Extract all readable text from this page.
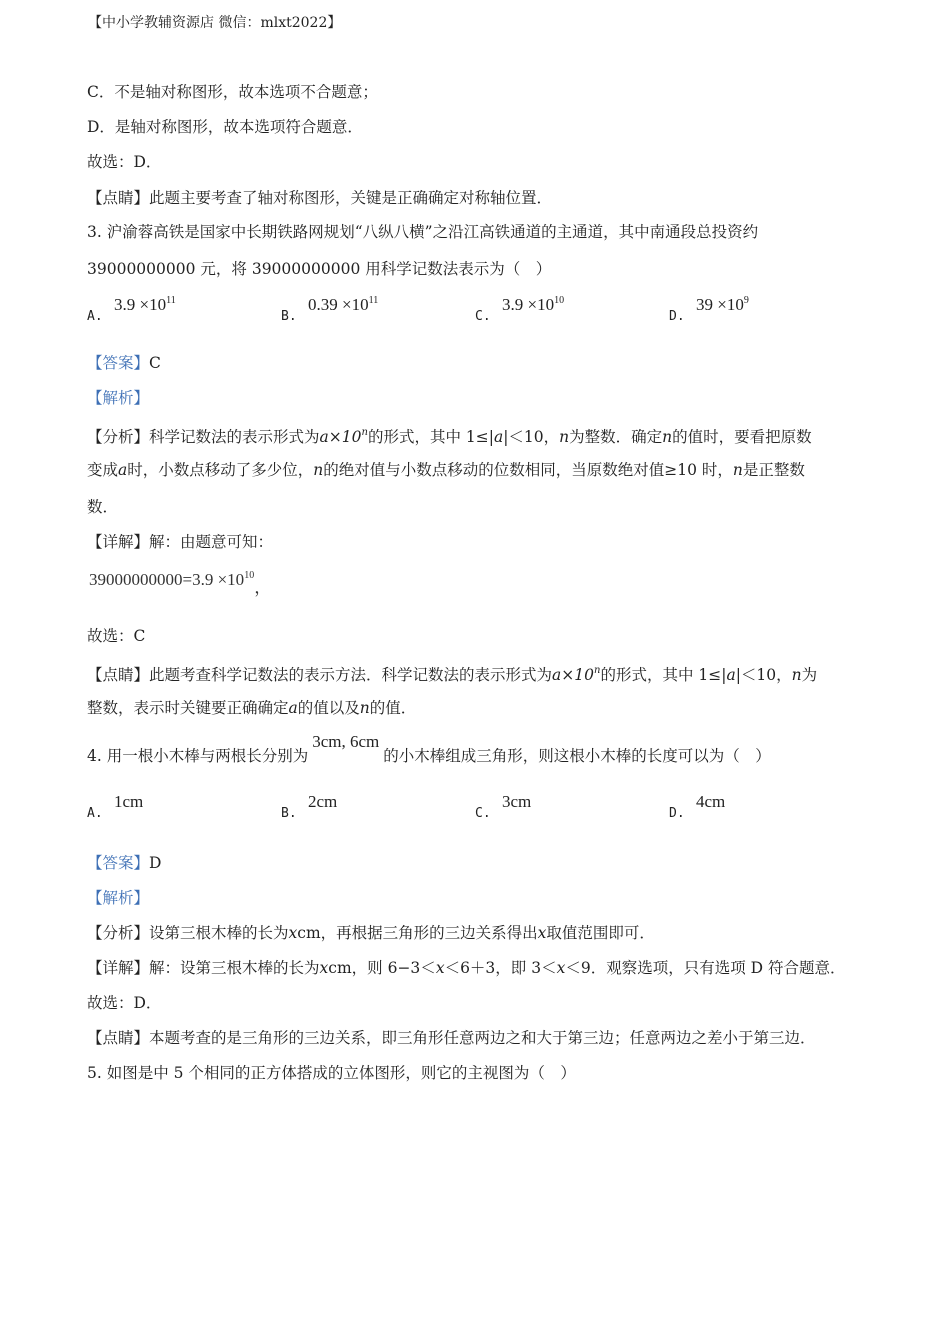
【中小学教辅资源店 微信：mlxt2022】
C．不是轴对称图形，故本选项不合题意；
D．是轴对称图形，故本选项符合题意．
故选：D．
【点睛】此题主要考查了轴对称图形，关键是正确确定对称轴位置．
3. 沪渝蓉高铁是国家中长期铁路网规划“八纵八横”之沿江高铁通道的主通道，其中南通段总投资约
39000000000 元，将 39000000000 用科学记数法表示为（　）
A.
$3.9 \times 10^{11}$
B.
$0.39 \times 10^{11}$
C.
$3.9 \times 10^{10}$
D.
$39 \times 10^9$
【答案】C
【解析】
【分析】科学记数法的表示形式为$a\times 10^n$的形式，其中 1≤|a|＜10，n为整数．确定n的值时，要看把原数
变成a时，小数点移动了多少位，n的绝对值与小数点移动的位数相同，当原数绝对值≥10 时，n是正整数
数．
【详解】解：由题意可知：
$39000000000=3.9 \times 10^{10}$，
故选：C
【点睛】此题考查科学记数法的表示方法．科学记数法的表示形式为$a\times 10^n$的形式，其中 1≤|a|＜10，n为
整数，表示时关键要正确确定a的值以及n的值．
4. 用一根小木棒与两根长分别为3cm, 6cm的小木棒组成三角形，则这根小木棒的长度可以为（　）
A.
1cm
B.
2cm
C.
3cm
D.
4cm
【答案】D
【解析】
【分析】设第三根木棒的长为xcm，再根据三角形的三边关系得出x取值范围即可．
【详解】解：设第三根木棒的长为xcm，则 6−3＜x＜6＋3，即 3＜x＜9．观察选项，只有选项 D 符合题意．
故选：D．
【点睛】本题考查的是三角形的三边关系，即三角形任意两边之和大于第三边；任意两边之差小于第三边．
5. 如图是中 5 个相同的正方体搭成的立体图形，则它的主视图为（　）
